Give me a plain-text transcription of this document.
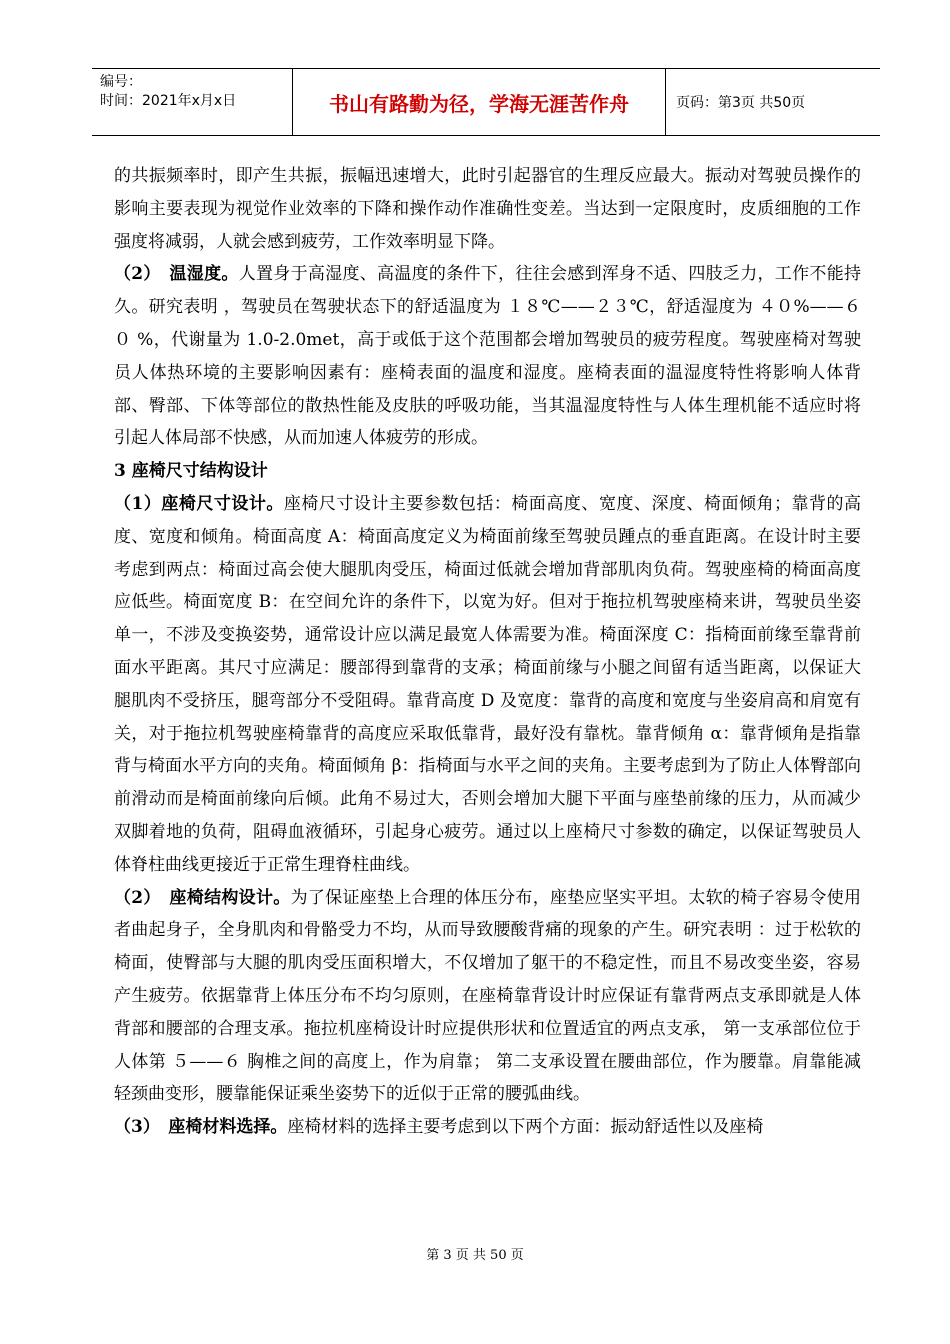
编号：
时间：2021年x月x日	书山有路勤为径，学海无涯苦作舟	页码：第3页 共50页

的共振频率时，即产生共振，振幅迅速增大，此时引起器官的生理反应最大。振动对驾驶员操作的影响主要表现为视觉作业效率的下降和操作动作准确性变差。当达到一定限度时，皮质细胞的工作强度将减弱，人就会感到疲劳，工作效率明显下降。

（2）　温湿度。人置身于高湿度、高温度的条件下，往往会感到浑身不适、四肢乏力，工作不能持久。研究表明 ，驾驶员在驾驶状态下的舒适温度为 １８℃——２３℃，舒适湿度为 ４０%——６０ %，代谢量为 1.0-2.0met，高于或低于这个范围都会增加驾驶员的疲劳程度。驾驶座椅对驾驶员人体热环境的主要影响因素有：座椅表面的温度和湿度。座椅表面的温湿度特性将影响人体背部、臀部、下体等部位的散热性能及皮肤的呼吸功能，当其温湿度特性与人体生理机能不适应时将引起人体局部不快感，从而加速人体疲劳的形成。

3 座椅尺寸结构设计

（1）座椅尺寸设计。座椅尺寸设计主要参数包括：椅面高度、宽度、深度、椅面倾角；靠背的高度、宽度和倾角。椅面高度 A：椅面高度定义为椅面前缘至驾驶员踵点的垂直距离。在设计时主要考虑到两点：椅面过高会使大腿肌肉受压，椅面过低就会增加背部肌肉负荷。驾驶座椅的椅面高度应低些。椅面宽度 B：在空间允许的条件下，以宽为好。但对于拖拉机驾驶座椅来讲，驾驶员坐姿单一，不涉及变换姿势，通常设计应以满足最宽人体需要为准。椅面深度 C：指椅面前缘至靠背前面水平距离。其尺寸应满足：腰部得到靠背的支承；椅面前缘与小腿之间留有适当距离，以保证大腿肌肉不受挤压，腿弯部分不受阻碍。靠背高度 D 及宽度：靠背的高度和宽度与坐姿肩高和肩宽有关，对于拖拉机驾驶座椅靠背的高度应采取低靠背，最好没有靠枕。靠背倾角 α：靠背倾角是指靠背与椅面水平方向的夹角。椅面倾角 β：指椅面与水平之间的夹角。主要考虑到为了防止人体臀部向前滑动而是椅面前缘向后倾。此角不易过大，否则会增加大腿下平面与座垫前缘的压力，从而减少双脚着地的负荷，阻碍血液循环，引起身心疲劳。通过以上座椅尺寸参数的确定，以保证驾驶员人体脊柱曲线更接近于正常生理脊柱曲线。

（2）　座椅结构设计。为了保证座垫上合理的体压分布，座垫应坚实平坦。太软的椅子容易令使用者曲起身子，全身肌肉和骨骼受力不均，从而导致腰酸背痛的现象的产生。研究表明 ：过于松软的椅面，使臀部与大腿的肌肉受压面积增大，不仅增加了躯干的不稳定性，而且不易改变坐姿，容易产生疲劳。依据靠背上体压分布不均匀原则，在座椅靠背设计时应保证有靠背两点支承即就是人体背部和腰部的合理支承。拖拉机座椅设计时应提供形状和位置适宜的两点支承， 第一支承部位位于人体第 ５——６ 胸椎之间的高度上，作为肩靠； 第二支承设置在腰曲部位，作为腰靠。肩靠能减轻颈曲变形，腰靠能保证乘坐姿势下的近似于正常的腰弧曲线。

（3）　座椅材料选择。座椅材料的选择主要考虑到以下两个方面：振动舒适性以及座椅

第 3 页 共 50 页
